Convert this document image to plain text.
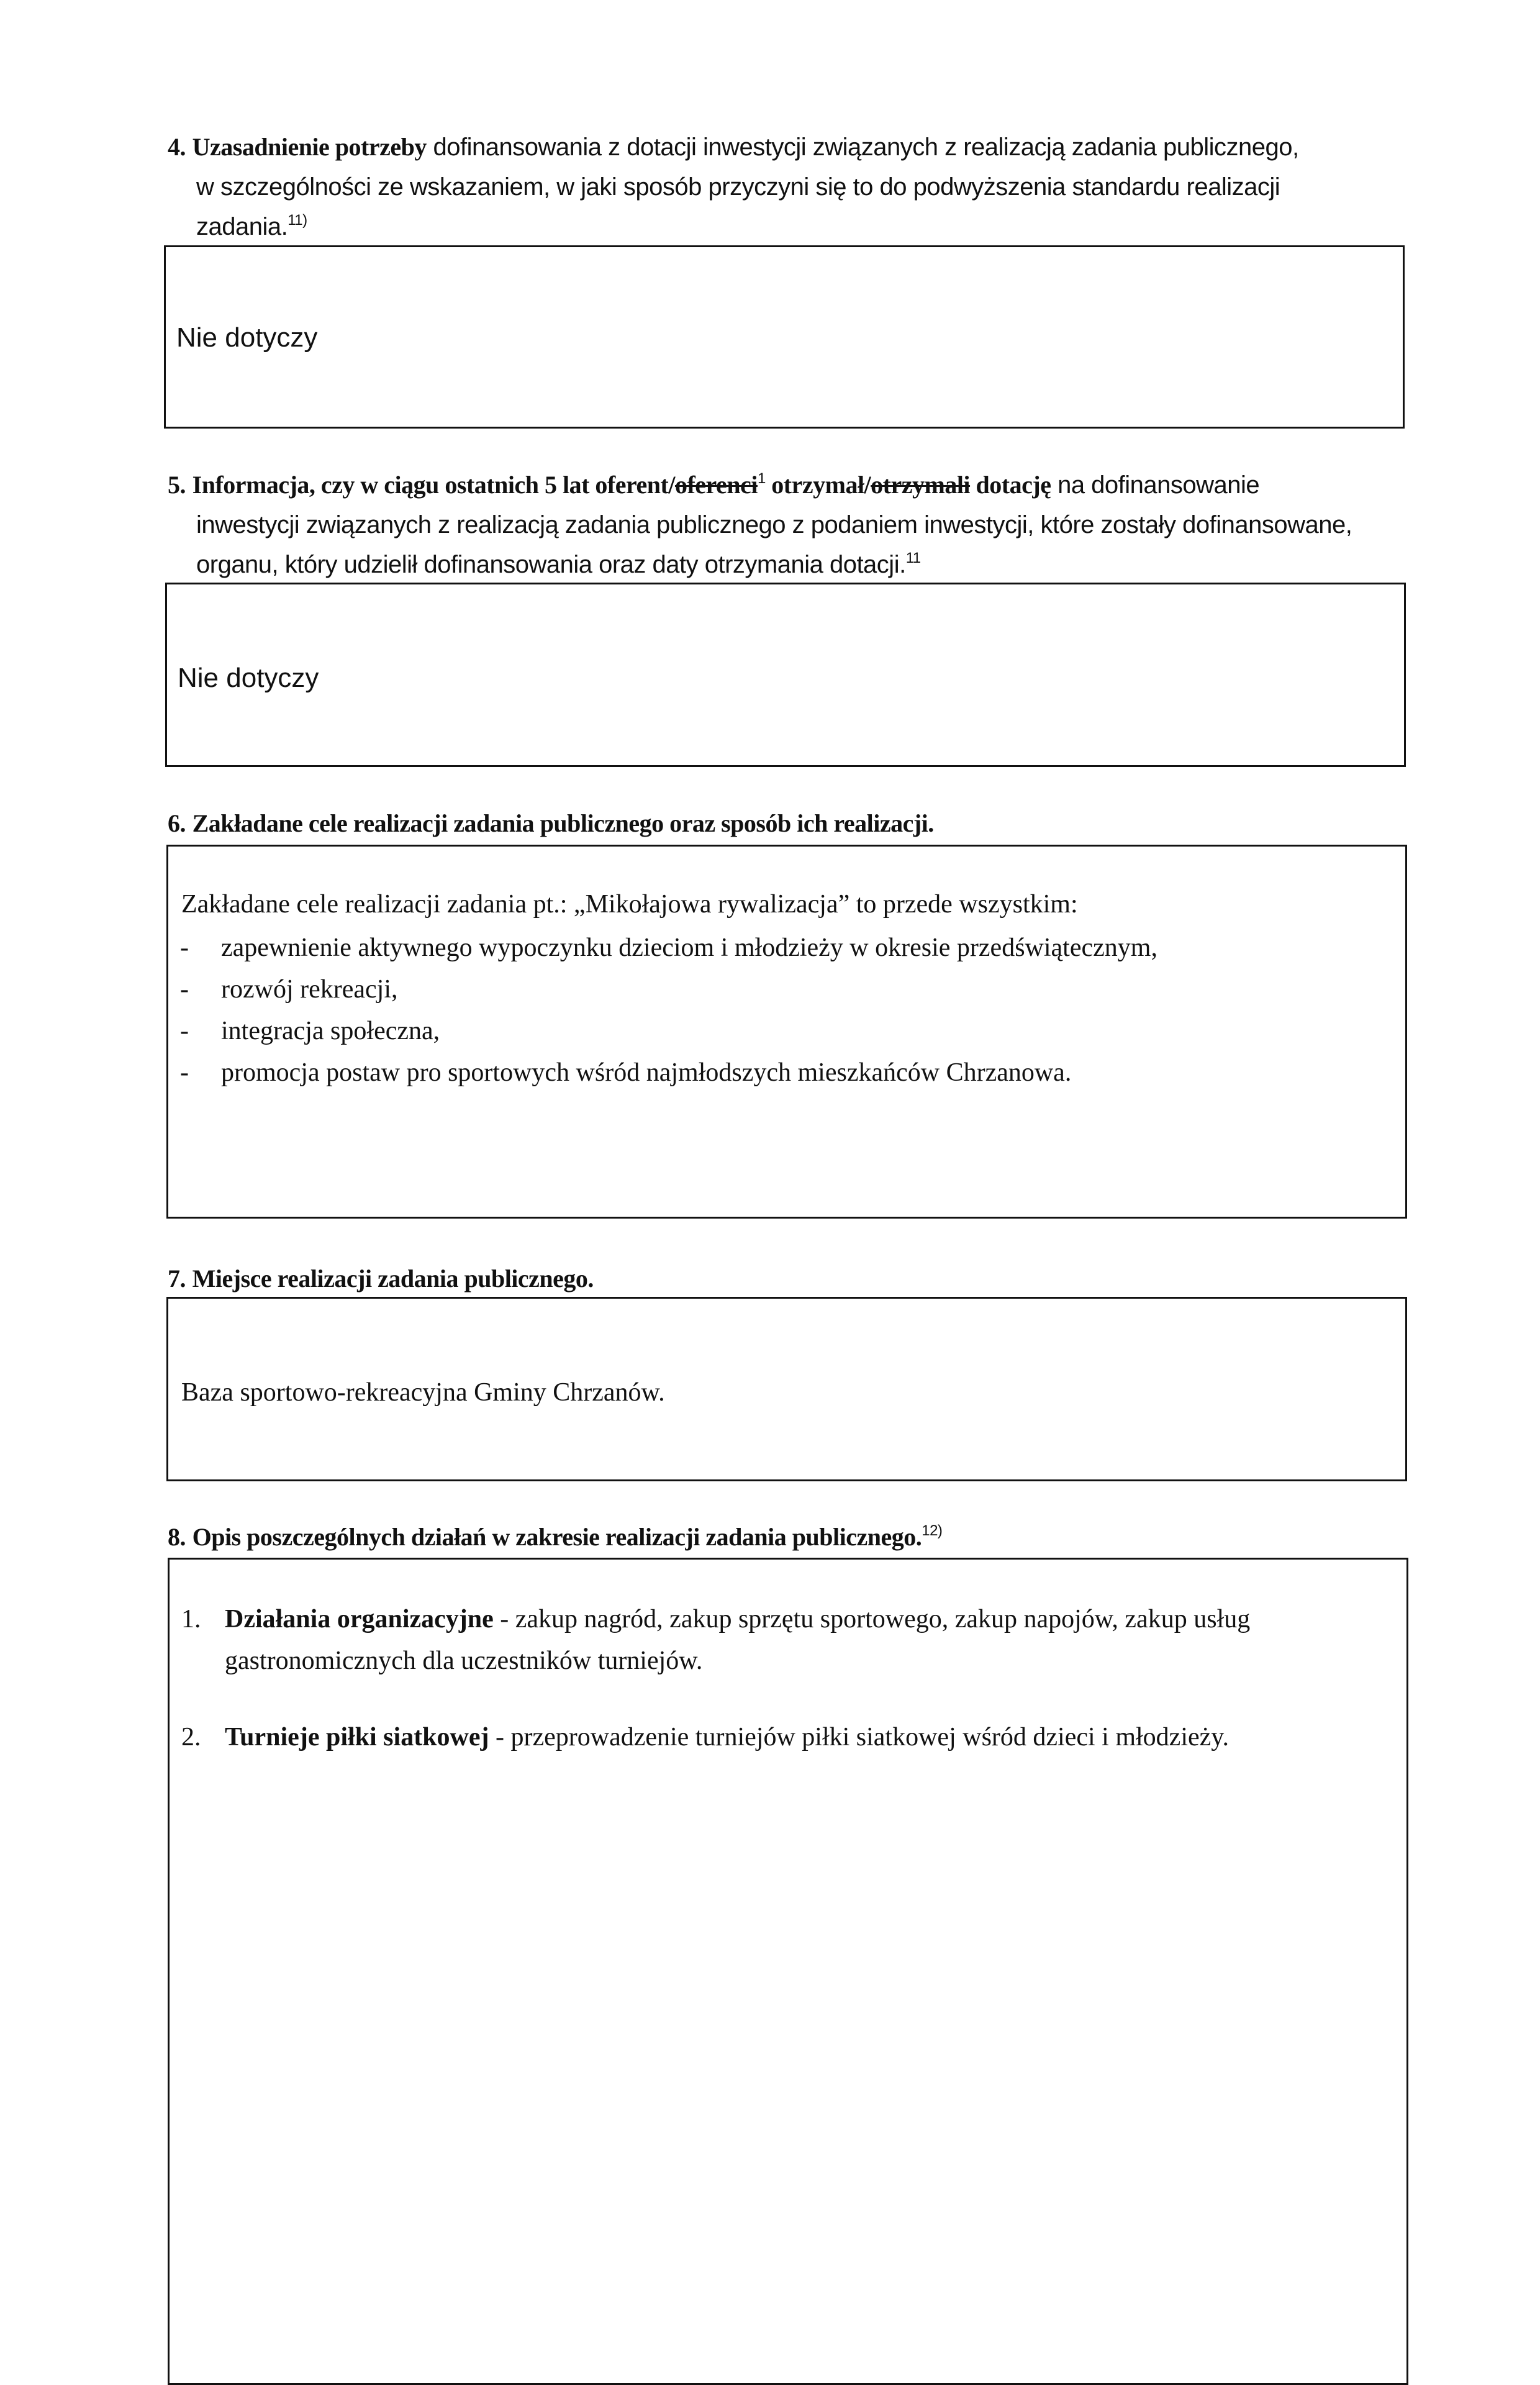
4. Uzasadnienie potrzeby dofinansowania z dotacji inwestycji związanych z realizacją zadania publicznego,
w szczególności ze wskazaniem, w jaki sposób przyczyni się to do podwyższenia standardu realizacji
zadania.$^{11)}$
Nie dotyczy
5. Informacja, czy w ciągu ostatnich 5 lat oferent/oferenci$^1$ otrzymał/otrzymali dotację na dofinansowanie
inwestycji związanych z realizacją zadania publicznego z podaniem inwestycji, które zostały dofinansowane,
organu, który udzielił dofinansowania oraz daty otrzymania dotacji.$^{11}$
Nie dotyczy
6. Zakładane cele realizacji zadania publicznego oraz sposób ich realizacji.
Zakładane cele realizacji zadania pt.: „Mikołajowa rywalizacja” to przede wszystkim:
- zapewnienie aktywnego wypoczynku dzieciom i młodzieży w okresie przedświątecznym,
- rozwój rekreacji,
- integracja społeczna,
- promocja postaw pro sportowych wśród najmłodszych mieszkańców Chrzanowa.
7. Miejsce realizacji zadania publicznego.
Baza sportowo-rekreacyjna Gminy Chrzanów.
8. Opis poszczególnych działań w zakresie realizacji zadania publicznego.$^{12)}$
1. Działania organizacyjne - zakup nagród, zakup sprzętu sportowego, zakup napojów, zakup usług gastronomicznych dla uczestników turniejów.
2. Turnieje piłki siatkowej - przeprowadzenie turniejów piłki siatkowej wśród dzieci i młodzieży.
